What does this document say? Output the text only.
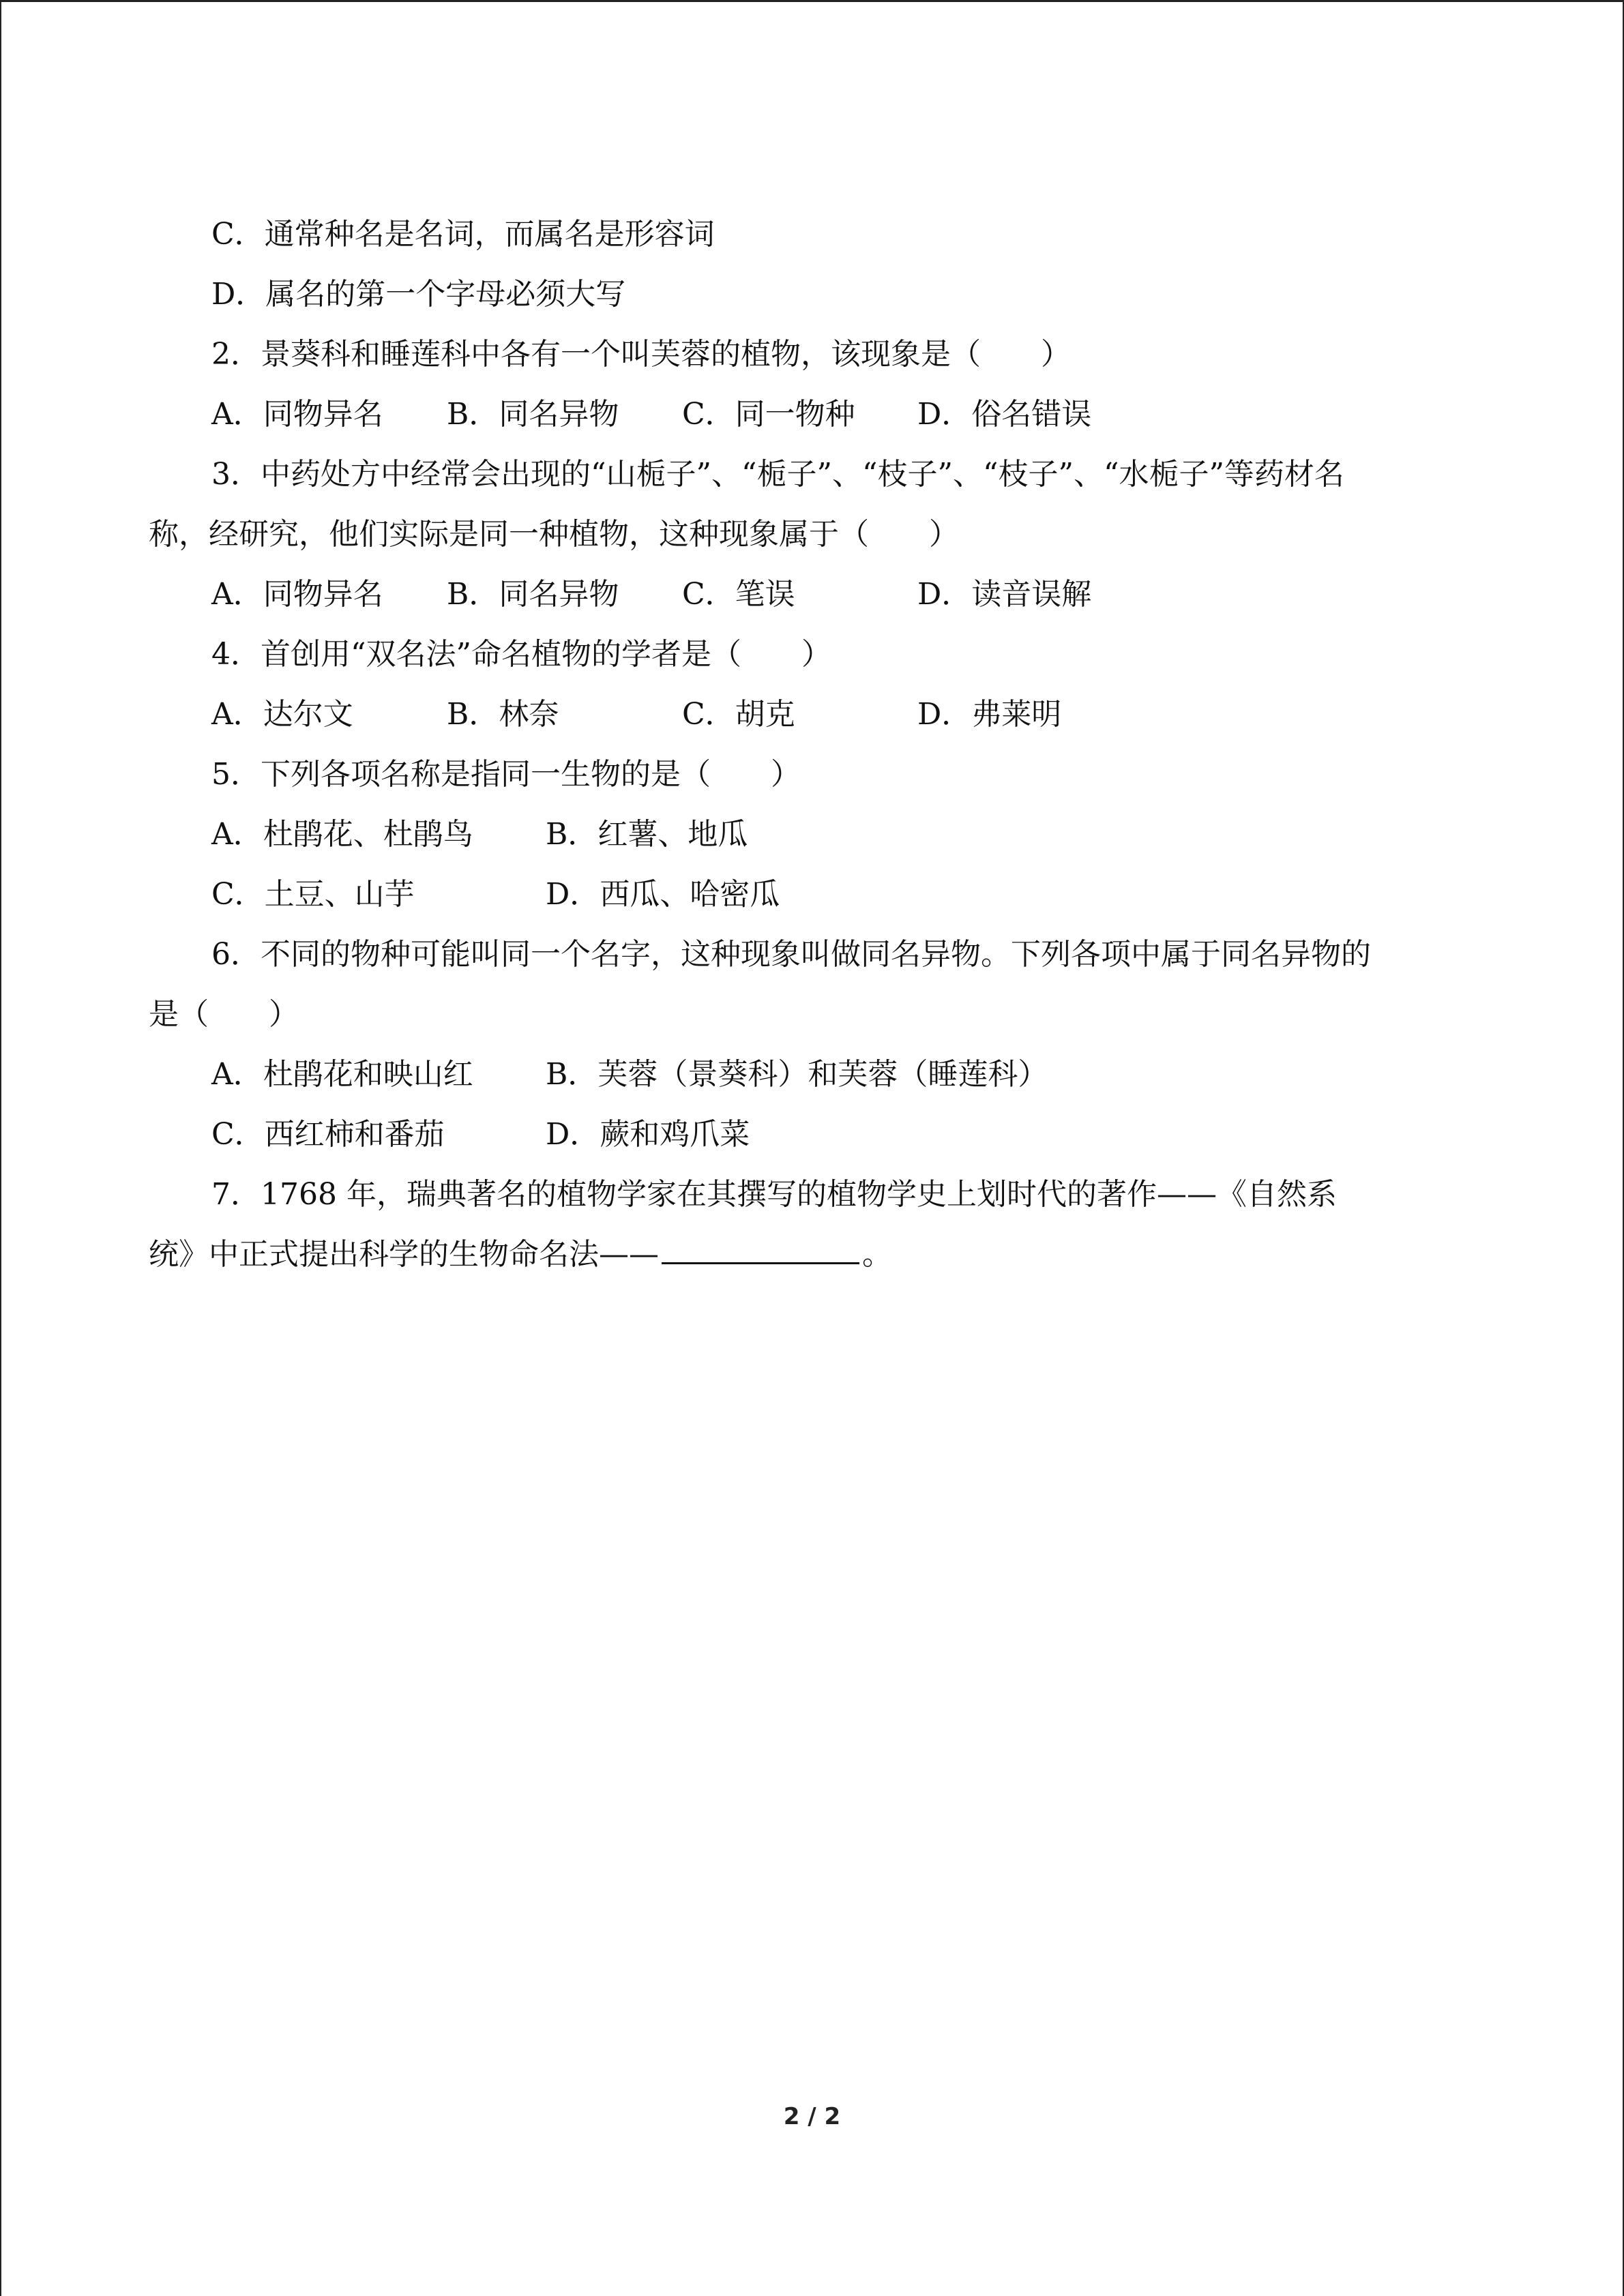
C．通常种名是名词，而属名是形容词
D．属名的第一个字母必须大写
2．景葵科和睡莲科中各有一个叫芙蓉的植物，该现象是（　　）
A．同物异名	B．同名异物	C．同一物种	D．俗名错误
3．中药处方中经常会出现的“山栀子”、“栀子”、“枝子”、“枝子”、“水栀子”等药材名
称，经研究，他们实际是同一种植物，这种现象属于（　　）
A．同物异名	B．同名异物	C．笔误	D．读音误解
4．首创用“双名法”命名植物的学者是（　　）
A．达尔文	B．林奈	C．胡克	D．弗莱明
5．下列各项名称是指同一生物的是（　　）
A．杜鹃花、杜鹃鸟	B．红薯、地瓜
C．土豆、山芋	D．西瓜、哈密瓜
6．不同的物种可能叫同一个名字，这种现象叫做同名异物。下列各项中属于同名异物的
是（　　）
A．杜鹃花和映山红	B．芙蓉（景葵科）和芙蓉（睡莲科）
C．西红柿和番茄	D．蕨和鸡爪菜
7．1768 年，瑞典著名的植物学家在其撰写的植物学史上划时代的著作——《自然系
统》中正式提出科学的生物命名法——	。
2 / 2
